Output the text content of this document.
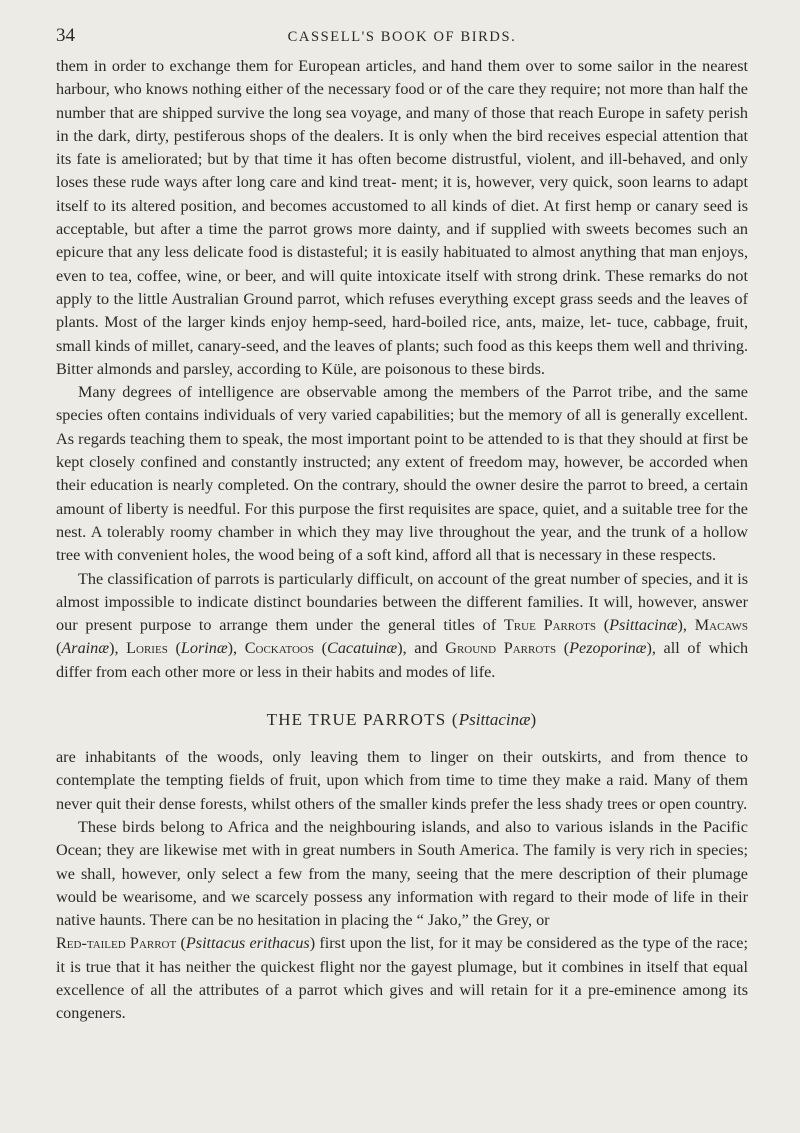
34	CASSELL'S BOOK OF BIRDS.

them in order to exchange them for European articles, and hand them over to some sailor in the nearest harbour, who knows nothing either of the necessary food or of the care they require; not more than half the number that are shipped survive the long sea voyage, and many of those that reach Europe in safety perish in the dark, dirty, pestiferous shops of the dealers. It is only when the bird receives especial attention that its fate is ameliorated; but by that time it has often become distrustful, violent, and ill-behaved, and only loses these rude ways after long care and kind treat- ment; it is, however, very quick, soon learns to adapt itself to its altered position, and becomes accustomed to all kinds of diet. At first hemp or canary seed is acceptable, but after a time the parrot grows more dainty, and if supplied with sweets becomes such an epicure that any less delicate food is distasteful; it is easily habituated to almost anything that man enjoys, even to tea, coffee, wine, or beer, and will quite intoxicate itself with strong drink. These remarks do not apply to the little Australian Ground parrot, which refuses everything except grass seeds and the leaves of plants. Most of the larger kinds enjoy hemp-seed, hard-boiled rice, ants, maize, let- tuce, cabbage, fruit, small kinds of millet, canary-seed, and the leaves of plants; such food as this keeps them well and thriving. Bitter almonds and parsley, according to Küle, are poisonous to these birds.

Many degrees of intelligence are observable among the members of the Parrot tribe, and the same species often contains individuals of very varied capabilities; but the memory of all is generally excellent. As regards teaching them to speak, the most important point to be attended to is that they should at first be kept closely confined and constantly instructed; any extent of freedom may, however, be accorded when their education is nearly completed. On the contrary, should the owner desire the parrot to breed, a certain amount of liberty is needful. For this purpose the first requisites are space, quiet, and a suitable tree for the nest. A tolerably roomy chamber in which they may live throughout the year, and the trunk of a hollow tree with convenient holes, the wood being of a soft kind, afford all that is necessary in these respects.

The classification of parrots is particularly difficult, on account of the great number of species, and it is almost impossible to indicate distinct boundaries between the different families. It will, however, answer our present purpose to arrange them under the general titles of True Parrots (Psittacinæ), Macaws (Arainæ), Lories (Lorinæ), Cockatoos (Cacatuinæ), and Ground Parrots (Pezoporinæ), all of which differ from each other more or less in their habits and modes of life.

THE TRUE PARROTS (Psittacinæ)

are inhabitants of the woods, only leaving them to linger on their outskirts, and from thence to contemplate the tempting fields of fruit, upon which from time to time they make a raid. Many of them never quit their dense forests, whilst others of the smaller kinds prefer the less shady trees or open country.

These birds belong to Africa and the neighbouring islands, and also to various islands in the Pacific Ocean; they are likewise met with in great numbers in South America. The family is very rich in species; we shall, however, only select a few from the many, seeing that the mere description of their plumage would be wearisome, and we scarcely possess any information with regard to their mode of life in their native haunts. There can be no hesitation in placing the “ Jako,” the Grey, or

Red-tailed Parrot (Psittacus erithacus) first upon the list, for it may be considered as the type of the race; it is true that it has neither the quickest flight nor the gayest plumage, but it combines in itself that equal excellence of all the attributes of a parrot which gives and will retain for it a pre-eminence among its congeners.
